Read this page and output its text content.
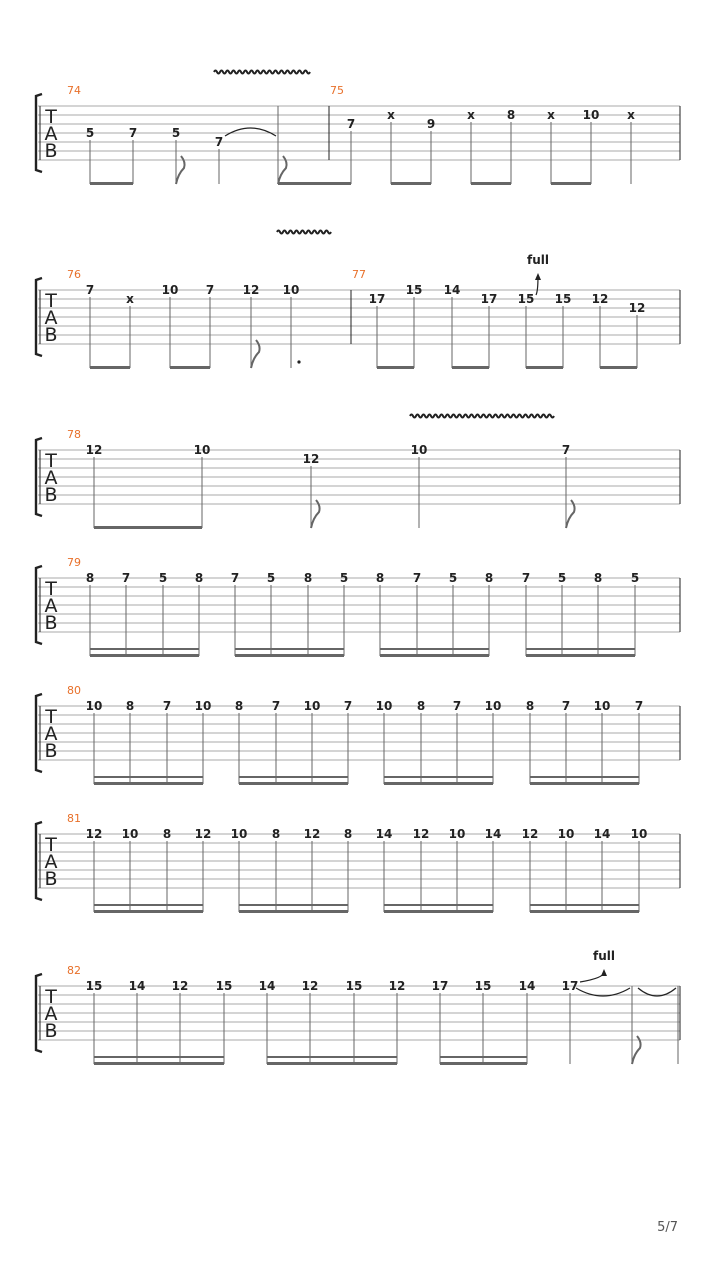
T
A
B
74	75
5	7	5
7
7
x
9
x	8	x 10 x
T
A
B
76	77
7
x
10 7 12 10
17
15 14
17 15 15 12
12
full
T
A
B
78
12	10
12
10	7
T
A
B
79
8 7 5 8 7 5 8 5 8 7 5 8 7 5 8 5
T
A
B
80
10 8 7 10 8 7 10 7 10 8 7 10 8 7 10 7
T
A
B
81
12 10 8 12 10 8 12 8 14 12 10 14 12 10 14 10
T
A
B
82
15 14 12 15 14 12 15 12 17 15 14 17
full
5/7
